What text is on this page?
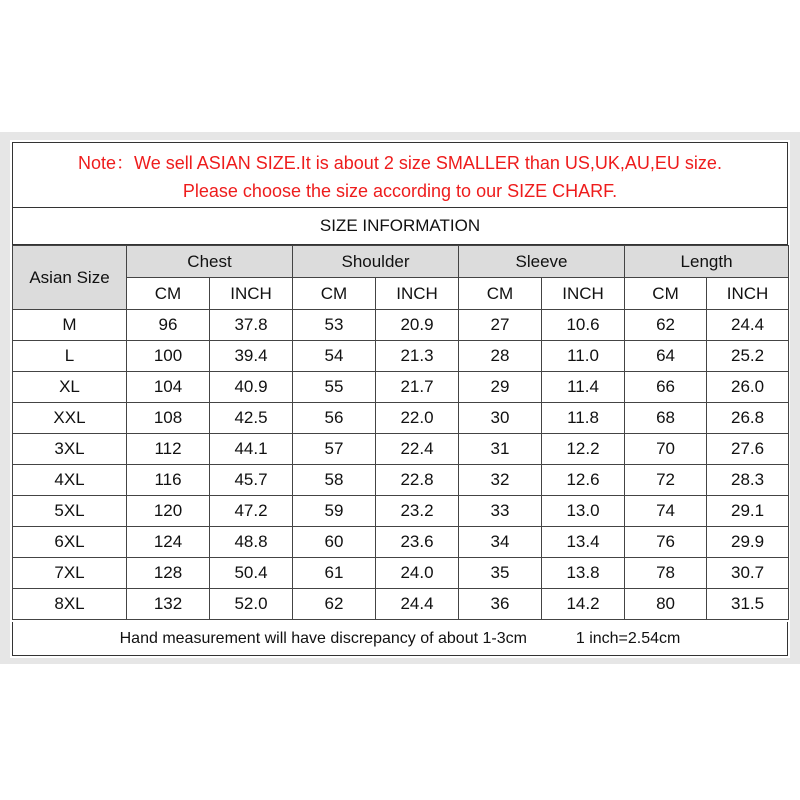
Note：We sell ASIAN SIZE.It is about 2 size SMALLER than US,UK,AU,EU size.
Please choose the size according to our SIZE CHARF.
SIZE INFORMATION
Asian Size	Chest		Shoulder		Sleeve		Length	
	CM	INCH	CM	INCH	CM	INCH	CM	INCH
M	96	37.8	53	20.9	27	10.6	62	24.4
L	100	39.4	54	21.3	28	11.0	64	25.2
XL	104	40.9	55	21.7	29	11.4	66	26.0
XXL	108	42.5	56	22.0	30	11.8	68	26.8
3XL	112	44.1	57	22.4	31	12.2	70	27.6
4XL	116	45.7	58	22.8	32	12.6	72	28.3
5XL	120	47.2	59	23.2	33	13.0	74	29.1
6XL	124	48.8	60	23.6	34	13.4	76	29.9
7XL	128	50.4	61	24.0	35	13.8	78	30.7
8XL	132	52.0	62	24.4	36	14.2	80	31.5
Hand measurement will have discrepancy of about 1-3cm	1 inch=2.54cm
